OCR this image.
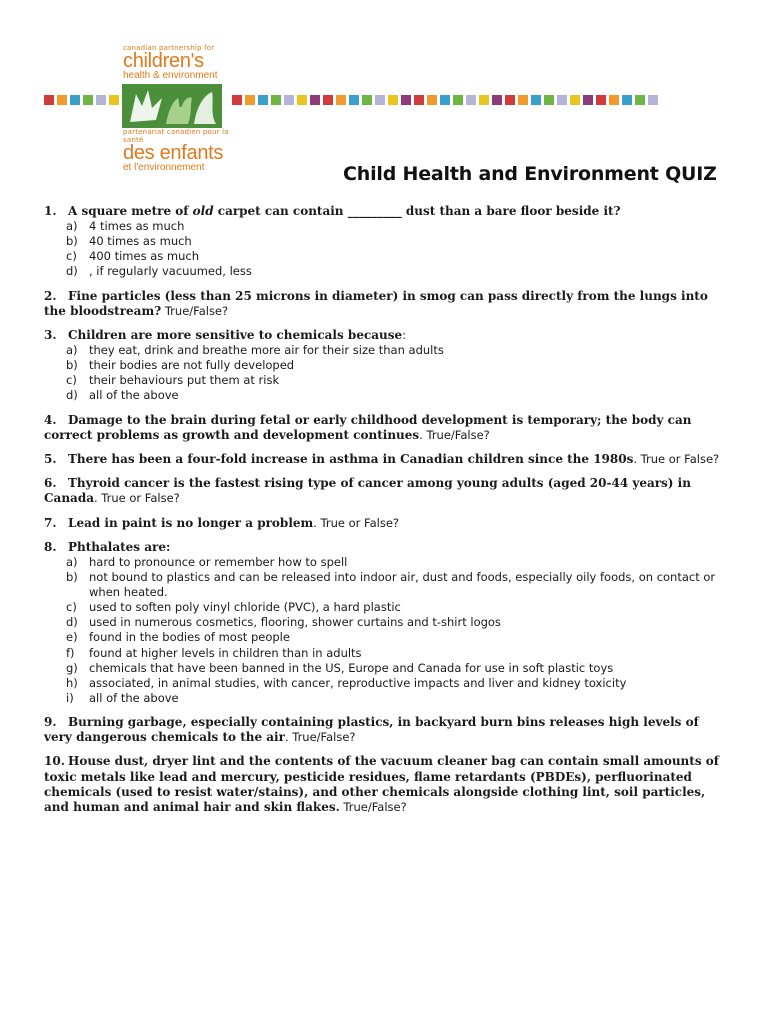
canadian partnership for
children's
health & environment
partenariat canadien pour la santé
des enfants
et l'environnement	Child Health and Environment QUIZ

1. A square metre of old carpet can contain _________ dust than a bare floor beside it?

a) 4 times as much
b) 40 times as much
c)	400 times as much
d) , if regularly vacuumed, less

2. Fine particles (less than 25 microns in diameter) in smog can pass directly from the lungs into the bloodstream? True/False?

3. Children are more sensitive to chemicals because:

a) they eat, drink and breathe more air for their size than adults
b) their bodies are not fully developed
c)	their behaviours put them at risk
d) all of the above

4. Damage to the brain during fetal or early childhood development is temporary; the body can correct problems as growth and development continues. True/False?

5. There has been a four-fold increase in asthma in Canadian children since the 1980s. True or False?

6. Thyroid cancer is the fastest rising type of cancer among young adults (aged 20-44 years) in Canada. True or False?

7. Lead in paint is no longer a problem. True or False?

8. Phthalates are:

a) hard to pronounce or remember how to spell
b) not bound to plastics and can be released into indoor air, dust and foods, especially oily foods, on contact or when heated.
c)	used to soften poly vinyl chloride (PVC), a hard plastic
d) used in numerous cosmetics, flooring, shower curtains and t-shirt logos
e) found in the bodies of most people
f)	found at higher levels in children than in adults
g) chemicals that have been banned in the US, Europe and Canada for use in soft plastic toys
h) associated, in animal studies, with cancer, reproductive impacts and liver and kidney toxicity
i)	all of the above

9. Burning garbage, especially containing plastics, in backyard burn bins releases high levels of very dangerous chemicals to the air. True/False?

10. House dust, dryer lint and the contents of the vacuum cleaner bag can contain small amounts of toxic metals like lead and mercury, pesticide residues, flame retardants (PBDEs), perfluorinated chemicals (used to resist water/stains), and other chemicals alongside clothing lint, soil particles, and human and animal hair and skin flakes. True/False?
